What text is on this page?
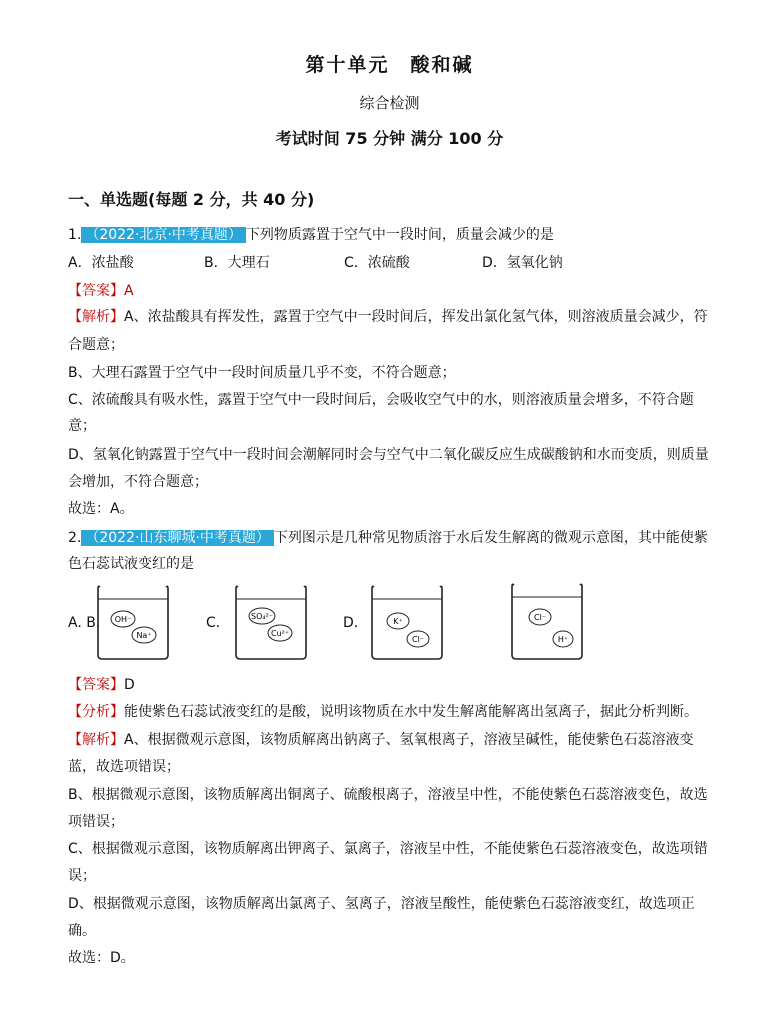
第十单元　酸和碱
综合检测
考试时间 75 分钟 满分 100 分
一、单选题(每题 2 分，共 40 分)
1. （2022·北京·中考真题） 下列物质露置于空气中一段时间，质量会减少的是
A．浓盐酸	B．大理石	C．浓硫酸	D．氢氧化钠
【答案】A
【解析】A、浓盐酸具有挥发性，露置于空气中一段时间后，挥发出氯化氢气体，则溶液质量会减少，符
合题意；
B、大理石露置于空气中一段时间质量几乎不变，不符合题意；
C、浓硫酸具有吸水性，露置于空气中一段时间后，会吸收空气中的水，则溶液质量会增多，不符合题
意；
D、氢氧化钠露置于空气中一段时间会潮解同时会与空气中二氧化碳反应生成碳酸钠和水而变质，则质量
会增加，不符合题意；
故选：A。
2. （2022·山东聊城·中考真题） 下列图示是几种常见物质溶于水后发生解离的微观示意图，其中能使紫
色石蕊试液变红的是
A. B．	C．	D．
OH⁻
Na⁺
SO₄²⁻
Cu²⁺
K⁺
Cl⁻
Cl⁻
H⁺
【答案】D
【分析】能使紫色石蕊试液变红的是酸，说明该物质在水中发生解离能解离出氢离子，据此分析判断。
【解析】A、根据微观示意图，该物质解离出钠离子、氢氧根离子，溶液呈碱性，能使紫色石蕊溶液变
蓝，故选项错误；
B、根据微观示意图，该物质解离出铜离子、硫酸根离子，溶液呈中性，不能使紫色石蕊溶液变色，故选
项错误；
C、根据微观示意图，该物质解离出钾离子、氯离子，溶液呈中性，不能使紫色石蕊溶液变色，故选项错
误；
D、根据微观示意图，该物质解离出氯离子、氢离子，溶液呈酸性，能使紫色石蕊溶液变红，故选项正
确。
故选：D。
